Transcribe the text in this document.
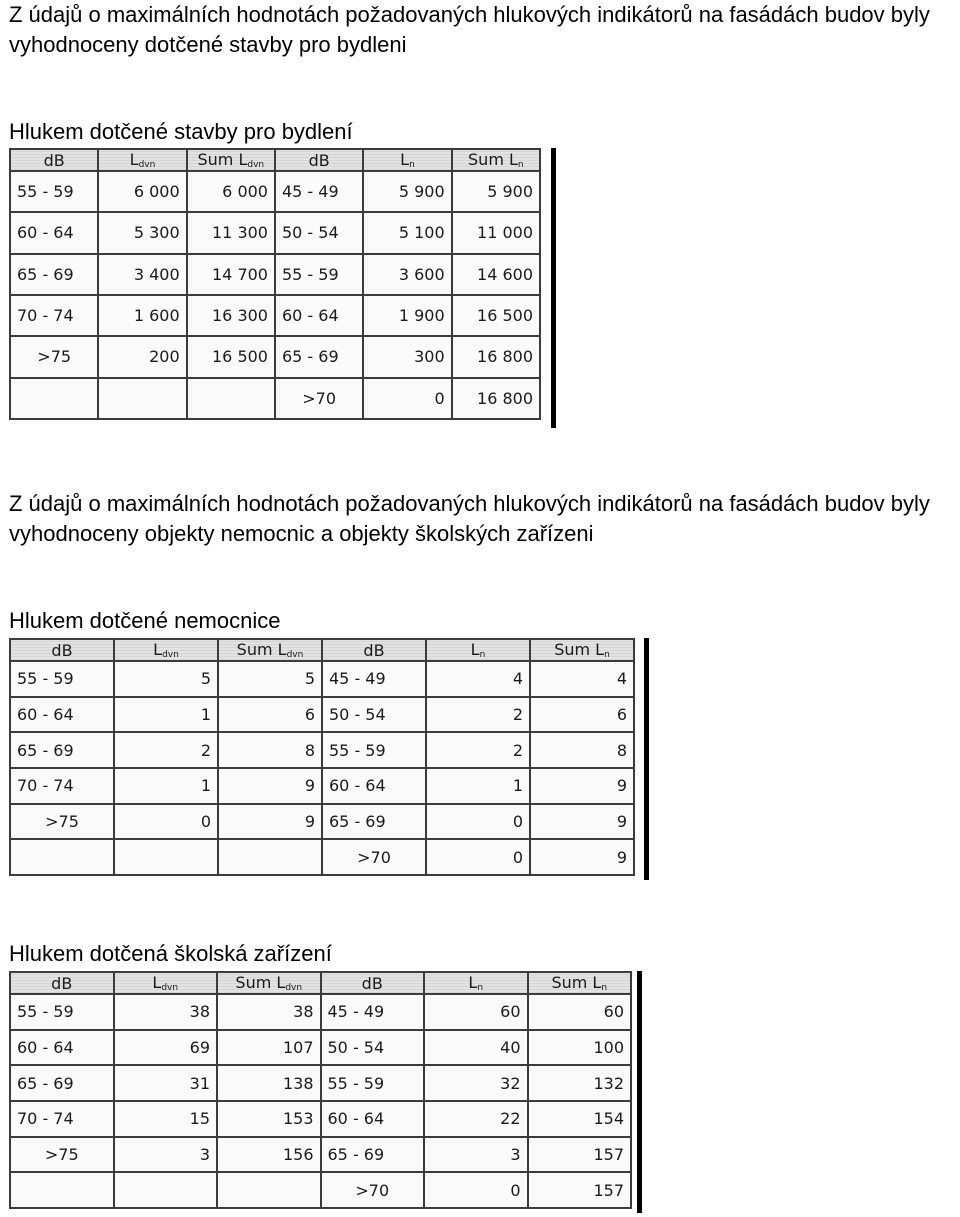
Z údajů o maximálních hodnotách požadovaných hlukových indikátorů na fasádách budov byly vyhodnoceny dotčené stavby pro bydleni

Hlukem dotčené stavby pro bydlení
dB	$L_{dvn}$	Sum $L_{dvn}$	dB	$L_n$	Sum $L_n$
55 - 59	6 000	6 000	45 - 49	5 900	5 900
60 - 64	5 300	11 300	50 - 54	5 100	11 000
65 - 69	3 400	14 700	55 - 59	3 600	14 600
70 - 74	1 600	16 300	60 - 64	1 900	16 500
>75	200	16 500	65 - 69	300	16 800
			>70	0	16 800

Z údajů o maximálních hodnotách požadovaných hlukových indikátorů na fasádách budov byly vyhodnoceny objekty nemocnic a objekty školských zařízeni

Hlukem dotčené nemocnice
dB	$L_{dvn}$	Sum $L_{dvn}$	dB	$L_n$	Sum $L_n$
55 - 59	5	5	45 - 49	4	4
60 - 64	1	6	50 - 54	2	6
65 - 69	2	8	55 - 59	2	8
70 - 74	1	9	60 - 64	1	9
>75	0	9	65 - 69	0	9
			>70	0	9
Hlukem dotčená školská zařízení
dB	$L_{dvn}$	Sum $L_{dvn}$	dB	$L_n$	Sum $L_n$
55 - 59	38	38	45 - 49	60	60
60 - 64	69	107	50 - 54	40	100
65 - 69	31	138	55 - 59	32	132
70 - 74	15	153	60 - 64	22	154
>75	3	156	65 - 69	3	157
			>70	0	157
